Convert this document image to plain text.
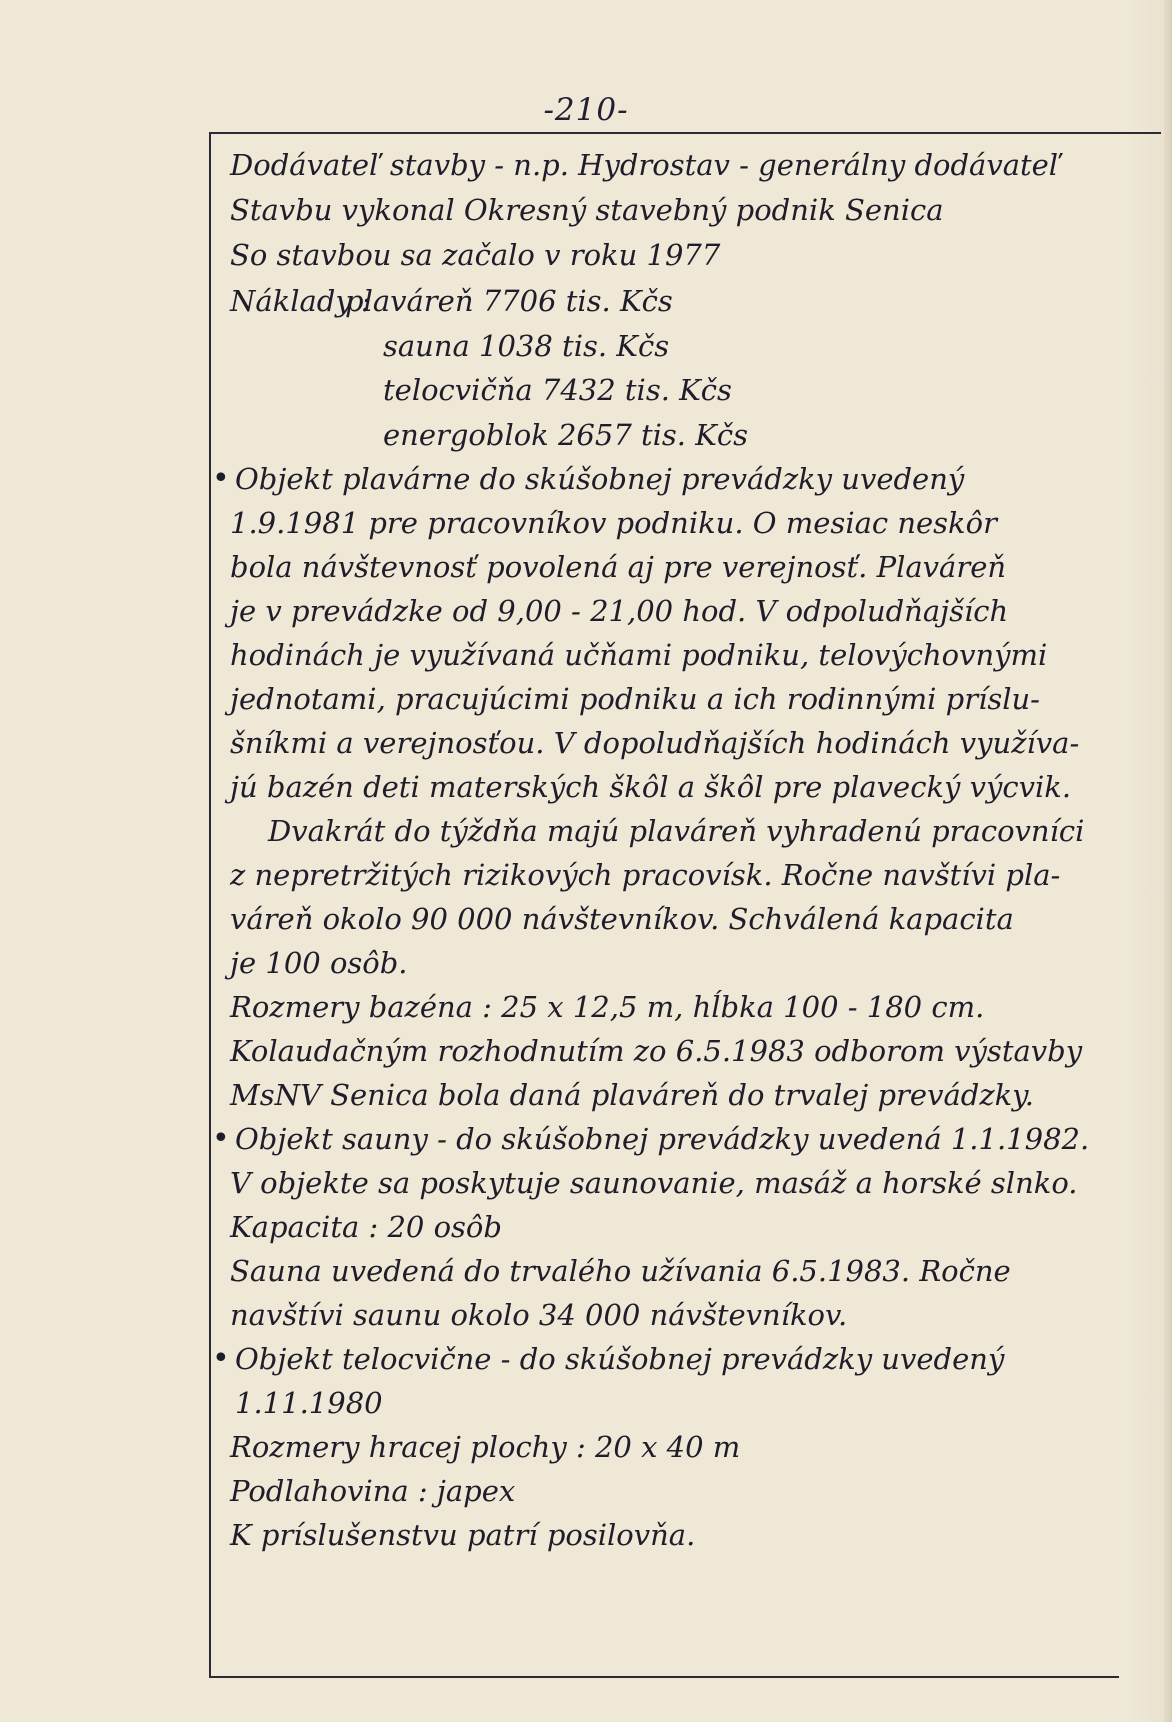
-210-
Dodávateľ stavby - n.p. Hydrostav - generálny dodávateľ
Stavbu vykonal Okresný stavebný podnik Senica
So stavbou sa začalo v roku 1977
Náklady :
plaváreň 7706 tis. Kčs
sauna 1038 tis. Kčs
telocvičňa 7432 tis. Kčs
energoblok 2657 tis. Kčs
• Objekt plavárne do skúšobnej prevádzky uvedený
1.9.1981 pre pracovníkov podniku. O mesiac neskôr
bola návštevnosť povolená aj pre verejnosť. Plaváreň
je v prevádzke od 9,00 - 21,00 hod. V odpoludňajších
hodinách je využívaná učňami podniku, telovýchovnými
jednotami, pracujúcimi podniku a ich rodinnými príslu-
šníkmi a verejnosťou. V dopoludňajších hodinách využíva-
jú bazén deti materských škôl a škôl pre plavecký výcvik.
Dvakrát do týždňa majú plaváreň vyhradenú pracovníci
z nepretržitých rizikových pracovísk. Ročne navštívi pla-
váreň okolo 90 000 návštevníkov. Schválená kapacita
je 100 osôb.
Rozmery bazéna : 25 x 12,5 m, hĺbka 100 - 180 cm.
Kolaudačným rozhodnutím zo 6.5.1983 odborom výstavby
MsNV Senica bola daná plaváreň do trvalej prevádzky.
• Objekt sauny - do skúšobnej prevádzky uvedená 1.1.1982.
V objekte sa poskytuje saunovanie, masáž a horské slnko.
Kapacita : 20 osôb
Sauna uvedená do trvalého užívania 6.5.1983. Ročne
navštívi saunu okolo 34 000 návštevníkov.
• Objekt telocvične - do skúšobnej prevádzky uvedený
1.11.1980
Rozmery hracej plochy : 20 x 40 m
Podlahovina : japex
K príslušenstvu patrí posilovňa.
